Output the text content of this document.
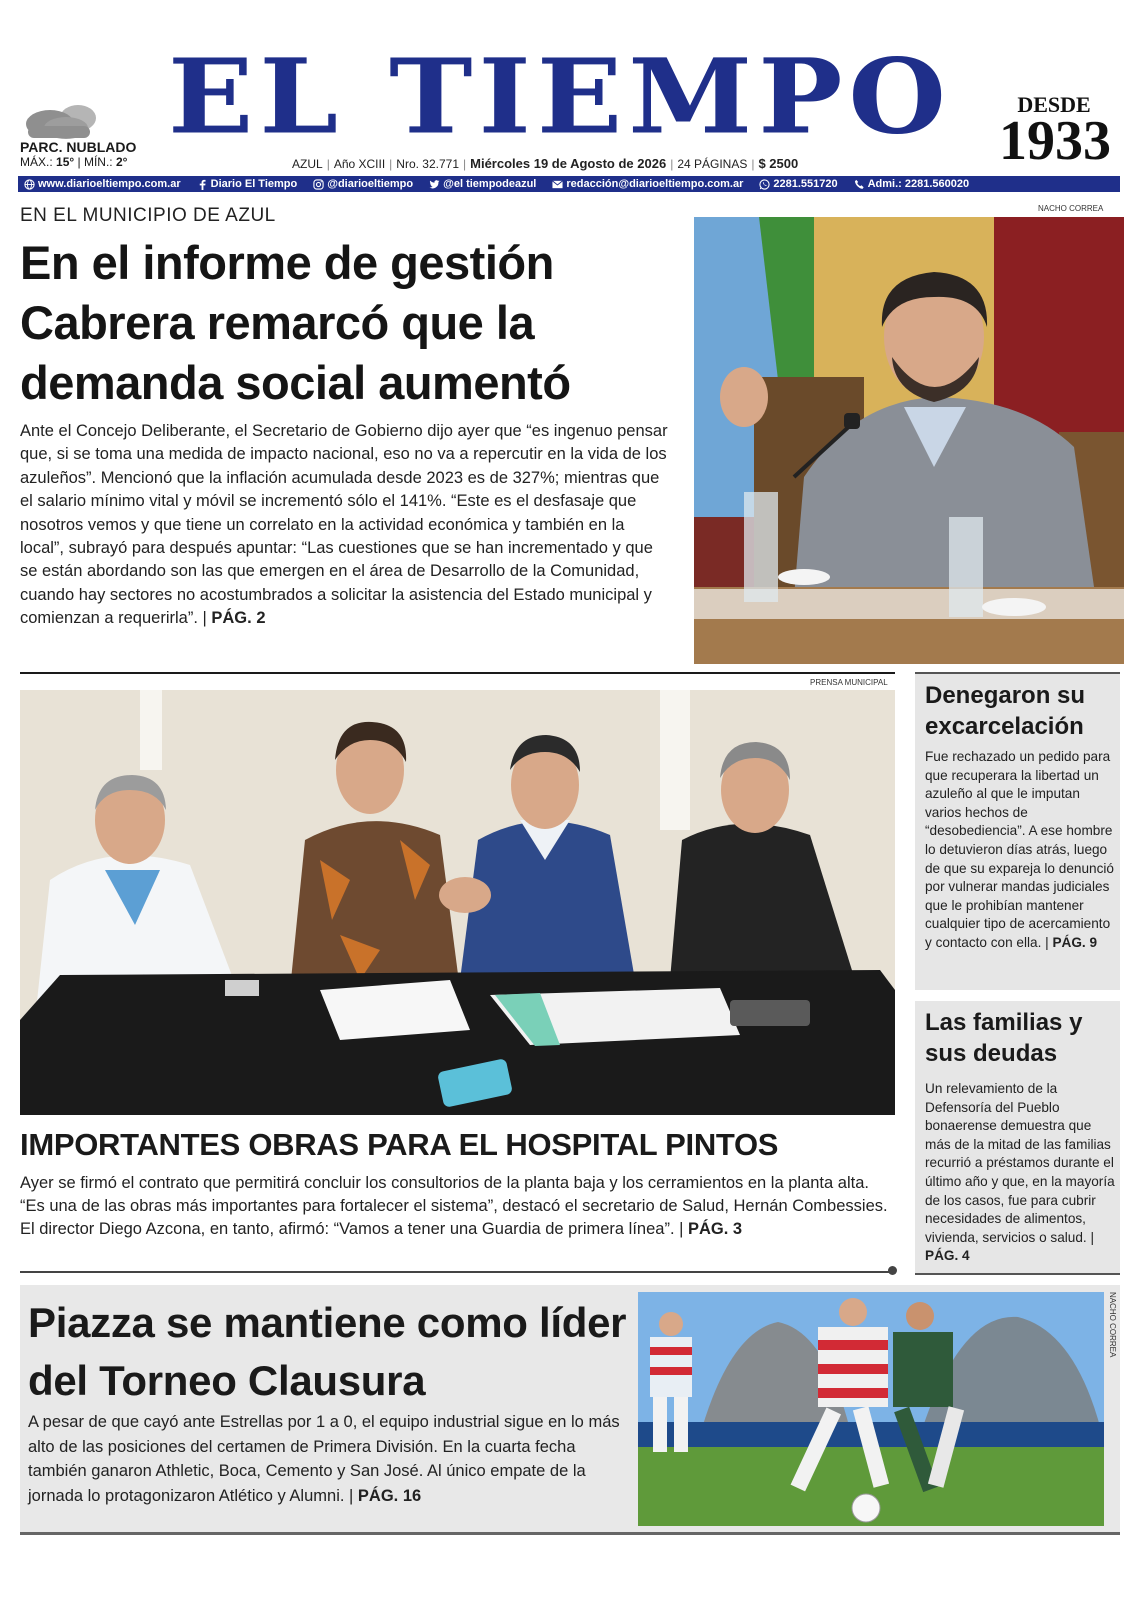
PARC. NUBLADO
MÁX.: 15° | MÍN.: 2°
EL TIEMPO	DESDE
1933
AZUL | Año XCIII | Nro. 32.771 | Miércoles 19 de Agosto de 2026 | 24 PÁGINAS | $ 2500
www.diarioeltiempo.com.ar	Diario El Tiempo	@diarioeltiempo	@el tiempodeazul	redacción@diarioeltiempo.com.ar	2281.551720	Admi.: 2281.560020
EN EL MUNICIPIO DE AZUL
En el informe de gestión Cabrera remarcó que la demanda social aumentó
Ante el Concejo Deliberante, el Secretario de Gobierno dijo ayer que “es ingenuo pensar que, si se toma una medida de impacto nacional, eso no va a repercutir en la vida de los azuleños”. Mencionó que la inflación acumulada desde 2023 es de 327%; mientras que el salario mínimo vital y móvil se incrementó sólo el 141%. “Este es el desfasaje que nosotros vemos y que tiene un correlato en la actividad económica y también en la local”, subrayó para después apuntar: “Las cuestiones que se han incrementado y que se están abordando son las que emergen en el área de Desarrollo de la Comunidad, cuando hay sectores no acostumbrados a solicitar la asistencia del Estado municipal y comienzan a requerirla”. | PÁG. 2
NACHO CORREA
PRENSA MUNICIPAL
IMPORTANTES OBRAS PARA EL HOSPITAL PINTOS
Ayer se firmó el contrato que permitirá concluir los consultorios de la planta baja y los cerramientos en la planta alta. “Es una de las obras más importantes para fortalecer el sistema”, destacó el secretario de Salud, Hernán Combessies. El director Diego Azcona, en tanto, afirmó: “Vamos a tener una Guardia de primera línea”. | PÁG. 3
Denegaron su excarcelación
Fue rechazado un pedido para que recuperara la libertad un azuleño al que le imputan varios hechos de “desobediencia”. A ese hombre lo detuvieron días atrás, luego de que su expareja lo denunció por vulnerar mandas judiciales que le prohibían mantener cualquier tipo de acercamiento y contacto con ella. | PÁG. 9
Las familias y sus deudas
Un relevamiento de la Defensoría del Pueblo bonaerense demuestra que más de la mitad de las familias recurrió a préstamos durante el último año y que, en la mayoría de los casos, fue para cubrir necesidades de alimentos, vivienda, servicios o salud. | PÁG. 4
Piazza se mantiene como líder del Torneo Clausura
A pesar de que cayó ante Estrellas por 1 a 0, el equipo industrial sigue en lo más alto de las posiciones del certamen de Primera División. En la cuarta fecha también ganaron Athletic, Boca, Cemento y San José. Al único empate de la jornada lo protagonizaron Atlético y Alumni. | PÁG. 16
NACHO CORREA
